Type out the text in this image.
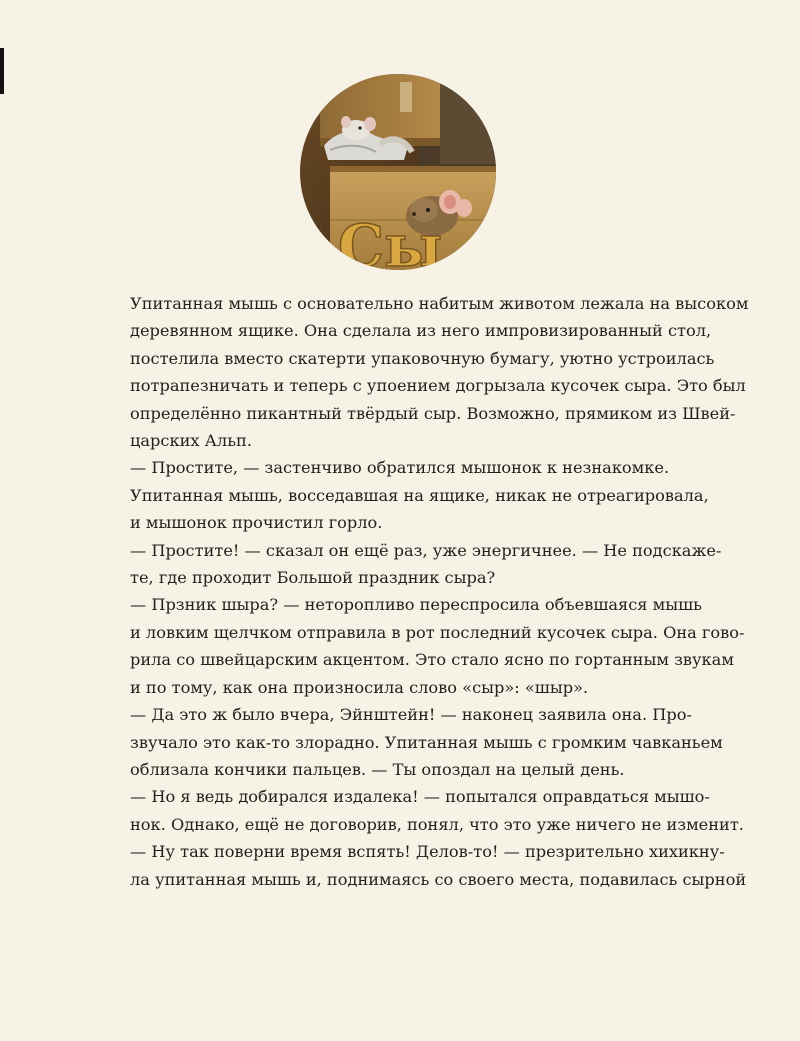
Сы
Упитанная мышь с основательно набитым животом лежала на высоком
деревянном ящике. Она сделала из него импровизированный стол,
постелила вместо скатерти упаковочную бумагу, уютно устроилась
потрапезничать и теперь с упоением догрызала кусочек сыра. Это был
определённо пикантный твёрдый сыр. Возможно, прямиком из Швей-
царских Альп.
— Простите, — застенчиво обратился мышонок к незнакомке.
Упитанная мышь, восседавшая на ящике, никак не отреагировала,
и мышонок прочистил горло.
— Простите! — сказал он ещё раз, уже энергичнее. — Не подскаже-
те, где проходит Большой праздник сыра?
— Прзник шыра? — неторопливо переспросила объевшаяся мышь
и ловким щелчком отправила в рот последний кусочек сыра. Она гово-
рила со швейцарским акцентом. Это стало ясно по гортанным звукам
и по тому, как она произносила слово «сыр»: «шыр».
— Да это ж было вчера, Эйнштейн! — наконец заявила она. Про-
звучало это как-то злорадно. Упитанная мышь с громким чавканьем
облизала кончики пальцев. — Ты опоздал на целый день.
— Но я ведь добирался издалека! — попытался оправдаться мышо-
нок. Однако, ещё не договорив, понял, что это уже ничего не изменит.
— Ну так поверни время вспять! Делов-то! — презрительно хихикну-
ла упитанная мышь и, поднимаясь со своего места, подавилась сырной
